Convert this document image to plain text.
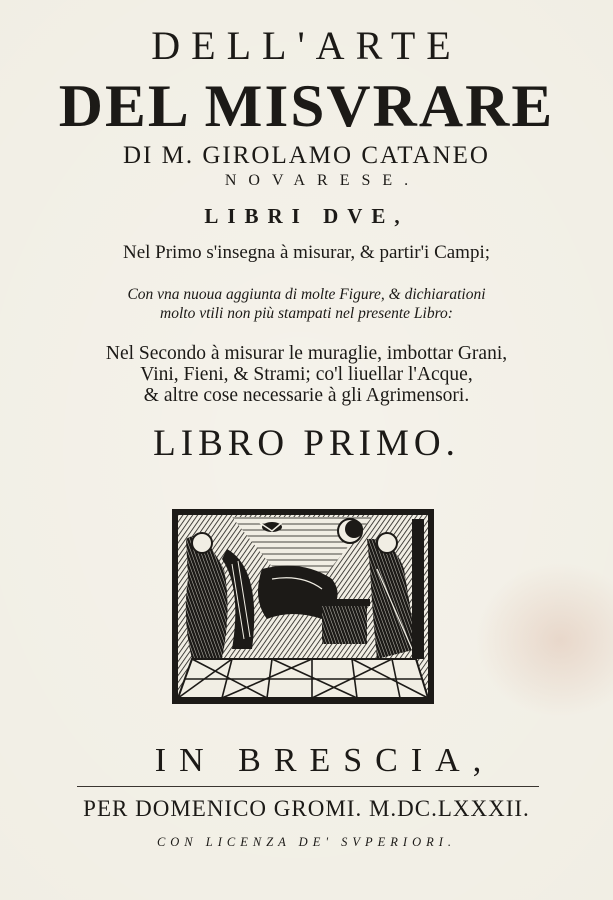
DELL'ARTE
DEL MISVRARE
DI M. GIROLAMO CATANEO
NOVARESE.
LIBRI DVE,
Nel Primo s'insegna à misurar, & partir'i Campi;
Con vna nuoua aggiunta di molte Figure, & dichiarationi
molto vtili non più stampati nel presente Libro:
Nel Secondo à misurar le muraglie, imbottar Grani,
Vini, Fieni, & Strami; co'l liuellar l'Acque,
& altre cose necessarie à gli Agrimensori.
LIBRO PRIMO.
IN BRESCIA,
PER DOMENICO GROMI. M.DC.LXXXII.
CON LICENZA DE' SVPERIORI.
